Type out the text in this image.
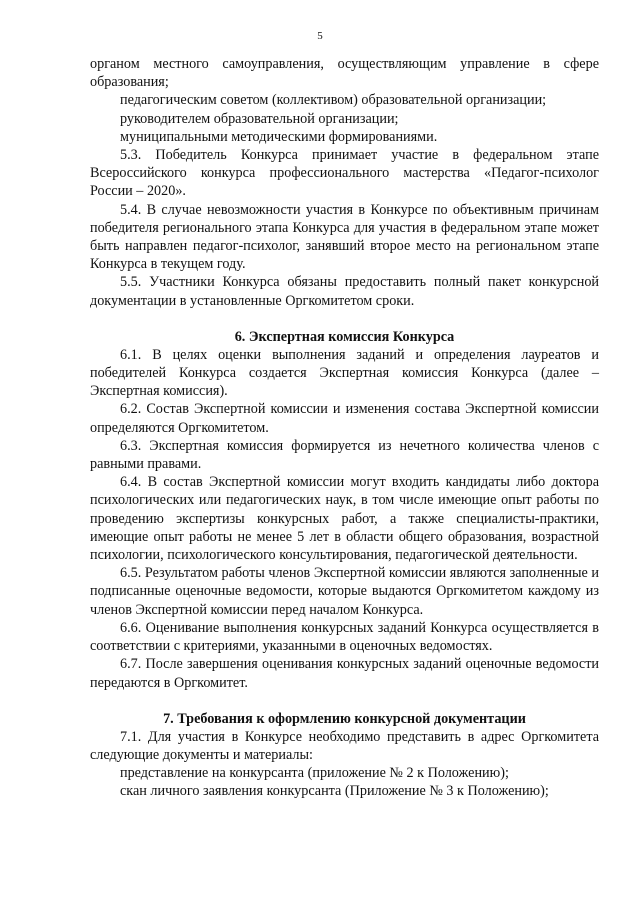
5

органом местного самоуправления, осуществляющим управление в сфере образования;

педагогическим советом (коллективом) образовательной организации;

руководителем образовательной организации;

муниципальными методическими формированиями.

5.3. Победитель Конкурса принимает участие в федеральном этапе Всероссийского конкурса профессионального мастерства «Педагог-психолог России – 2020».

5.4. В случае невозможности участия в Конкурсе по объективным причинам победителя регионального этапа Конкурса для участия в федеральном этапе может быть направлен педагог-психолог, занявший второе место на региональном этапе Конкурса в текущем году.

5.5. Участники Конкурса обязаны предоставить полный пакет конкурсной документации в установленные Оргкомитетом сроки.

6. Экспертная комиссия Конкурса

6.1. В целях оценки выполнения заданий и определения лауреатов и победителей Конкурса создается Экспертная комиссия Конкурса (далее – Экспертная комиссия).

6.2. Состав Экспертной комиссии и изменения состава Экспертной комиссии определяются Оргкомитетом.

6.3. Экспертная комиссия формируется из нечетного количества членов с равными правами.

6.4. В состав Экспертной комиссии могут входить кандидаты либо доктора психологических или педагогических наук, в том числе имеющие опыт работы по проведению экспертизы конкурсных работ, а также специалисты-практики, имеющие опыт работы не менее 5 лет в области общего образования, возрастной психологии, психологического консультирования, педагогической деятельности.

6.5. Результатом работы членов Экспертной комиссии являются заполненные и подписанные оценочные ведомости, которые выдаются Оргкомитетом каждому из членов Экспертной комиссии перед началом Конкурса.

6.6. Оценивание выполнения конкурсных заданий Конкурса осуществляется в соответствии с критериями, указанными в оценочных ведомостях.

6.7. После завершения оценивания конкурсных заданий оценочные ведомости передаются в Оргкомитет.

7. Требования к оформлению конкурсной документации

7.1. Для участия в Конкурсе необходимо представить в адрес Оргкомитета следующие документы и материалы:

представление на конкурсанта (приложение № 2 к Положению);

скан личного заявления конкурсанта (Приложение № 3 к Положению);
